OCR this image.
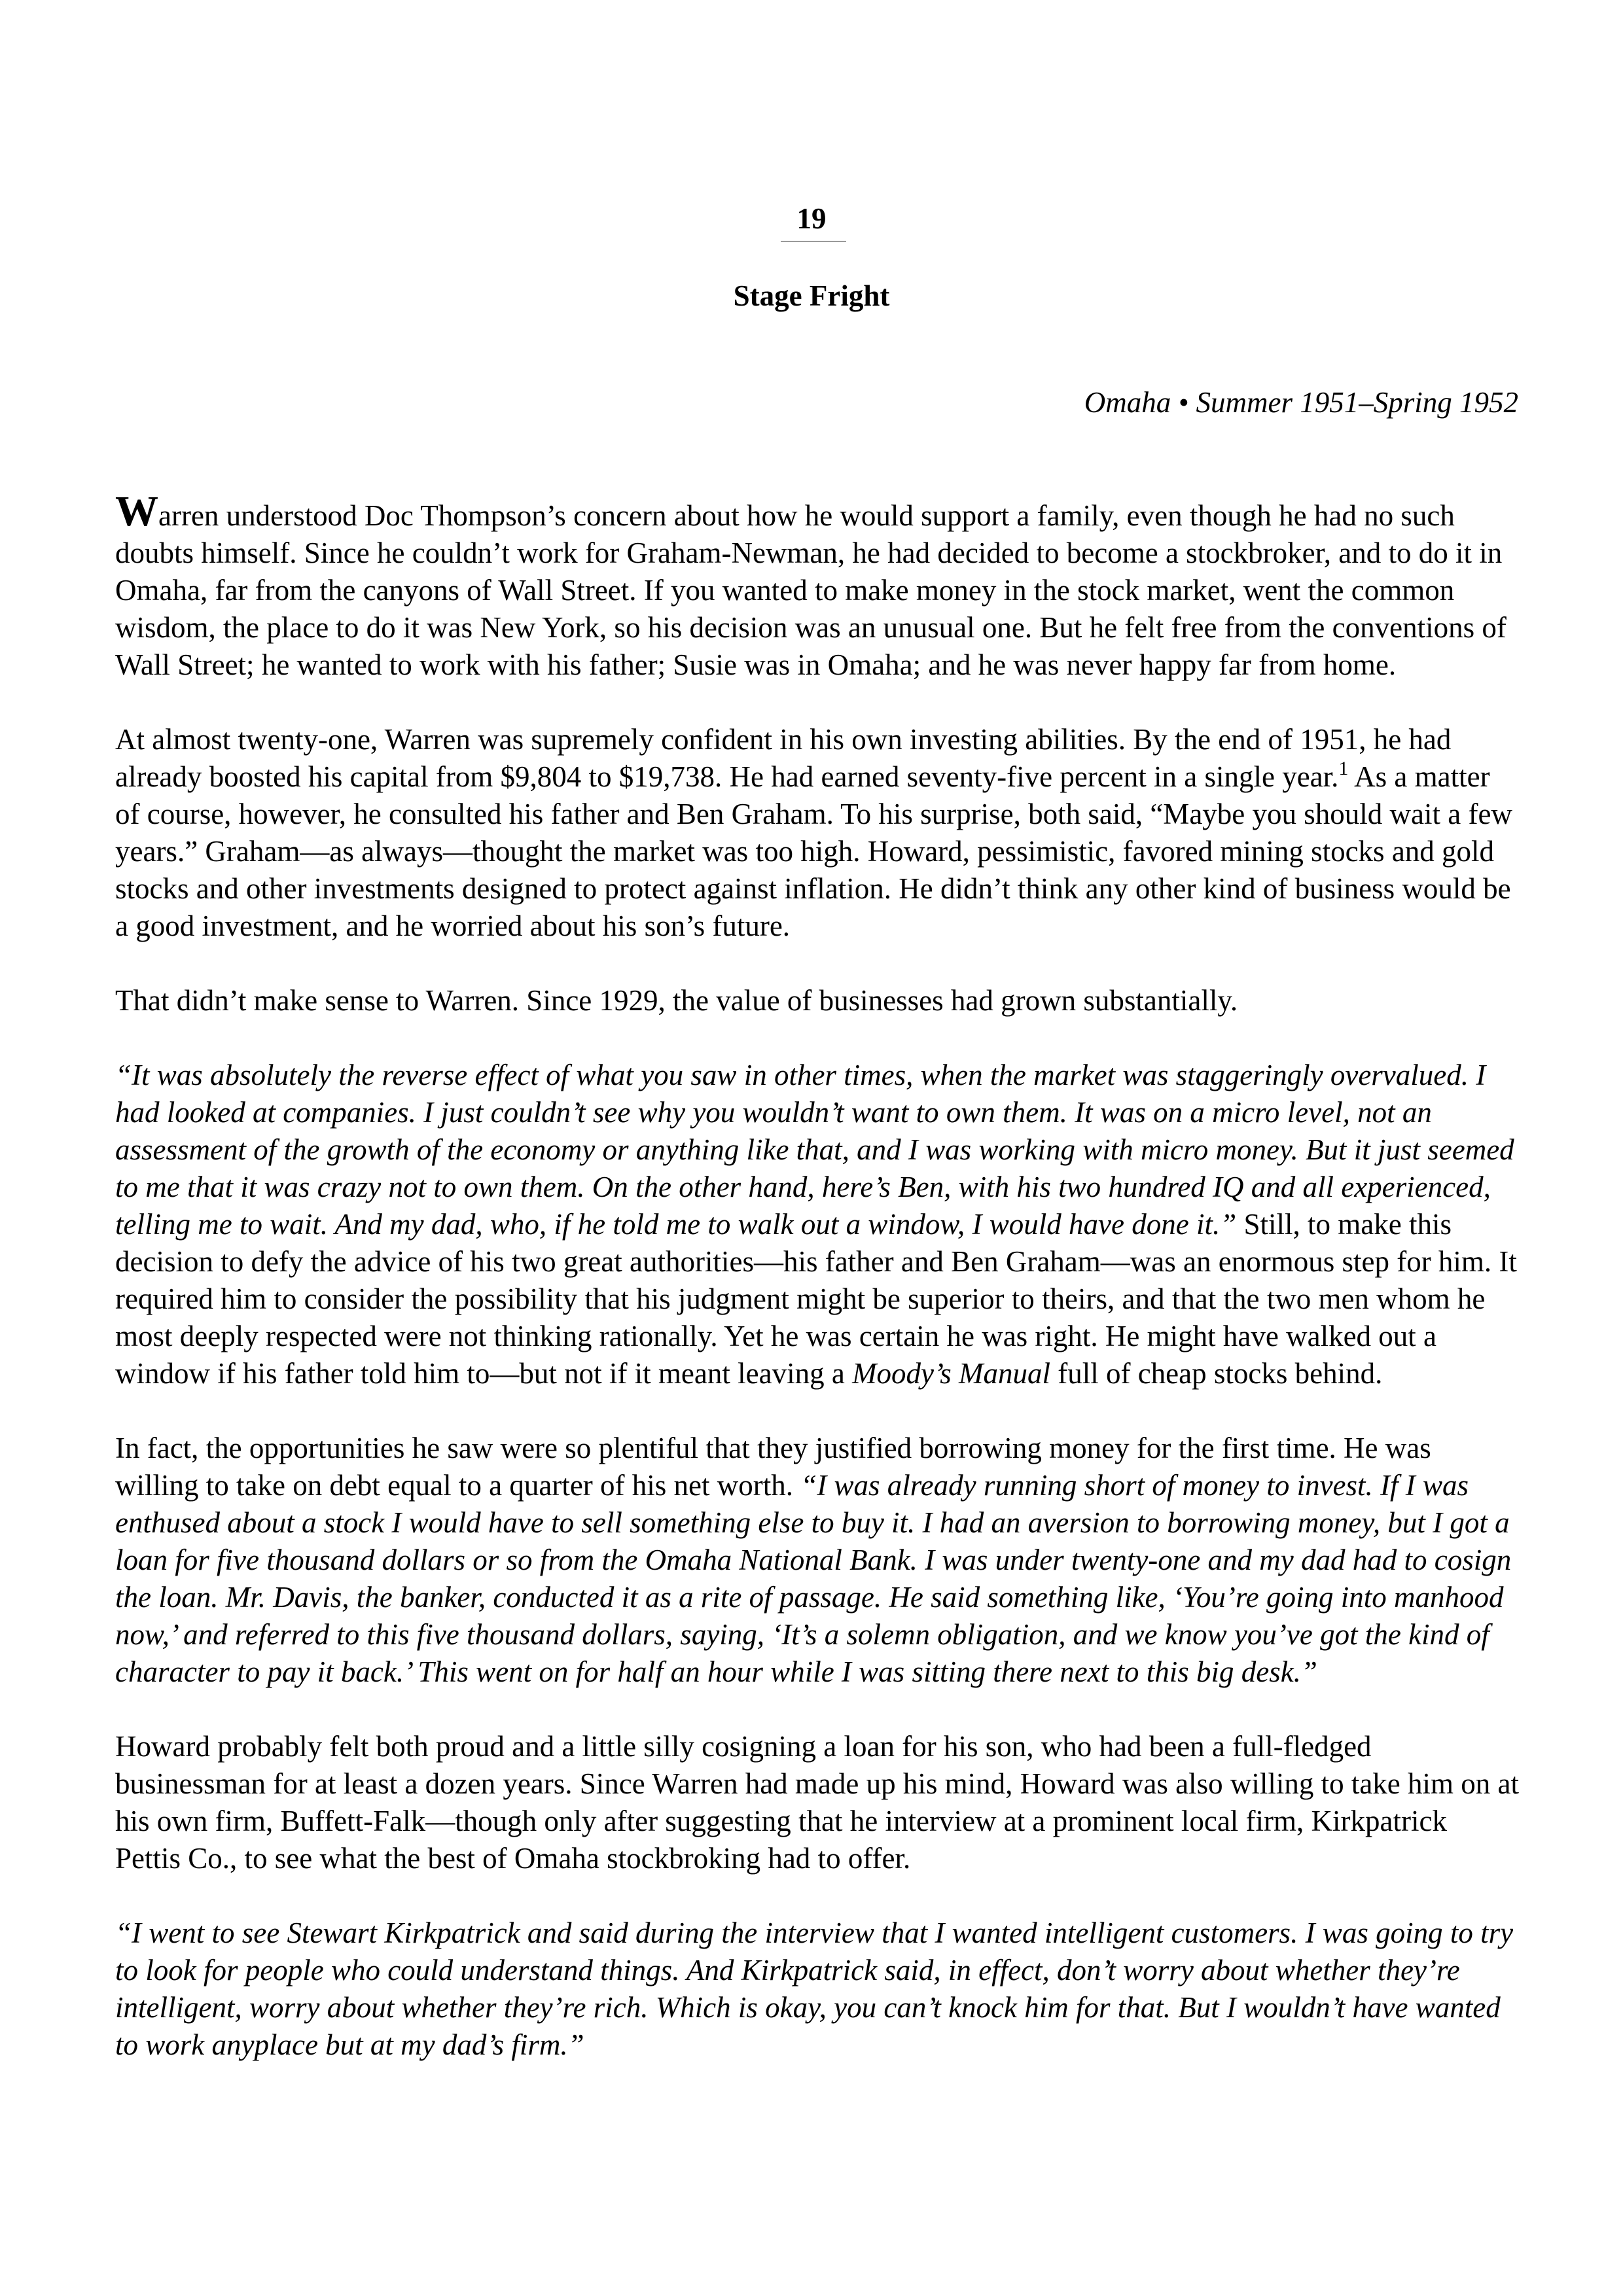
19
Stage Fright
Omaha • Summer 1951–Spring 1952

Warren understood Doc Thompson’s concern about how he would support a family, even though he had no such doubts himself. Since he couldn’t work for Graham-Newman, he had decided to become a stockbroker, and to do it in Omaha, far from the canyons of Wall Street. If you wanted to make money in the stock market, went the common wisdom, the place to do it was New York, so his decision was an unusual one. But he felt free from the conventions of Wall Street; he wanted to work with his father; Susie was in Omaha; and he was never happy far from home.

At almost twenty-one, Warren was supremely confident in his own investing abilities. By the end of 1951, he had already boosted his capital from $9,804 to $19,738. He had earned seventy-five percent in a single year.$^1$ As a matter of course, however, he consulted his father and Ben Graham. To his surprise, both said, “Maybe you should wait a few years.” Graham—as always—thought the market was too high. Howard, pessimistic, favored mining stocks and gold stocks and other investments designed to protect against inflation. He didn’t think any other kind of business would be a good investment, and he worried about his son’s future.

That didn’t make sense to Warren. Since 1929, the value of businesses had grown substantially.

“It was absolutely the reverse effect of what you saw in other times, when the market was staggeringly overvalued. I had looked at companies. I just couldn’t see why you wouldn’t want to own them. It was on a micro level, not an assessment of the growth of the economy or anything like that, and I was working with micro money. But it just seemed to me that it was crazy not to own them. On the other hand, here’s Ben, with his two hundred IQ and all experienced, telling me to wait. And my dad, who, if he told me to walk out a window, I would have done it.” Still, to make this decision to defy the advice of his two great authorities—his father and Ben Graham—was an enormous step for him. It required him to consider the possibility that his judgment might be superior to theirs, and that the two men whom he most deeply respected were not thinking rationally. Yet he was certain he was right. He might have walked out a window if his father told him to—but not if it meant leaving a Moody’s Manual full of cheap stocks behind.

In fact, the opportunities he saw were so plentiful that they justified borrowing money for the first time. He was willing to take on debt equal to a quarter of his net worth. “I was already running short of money to invest. If I was enthused about a stock I would have to sell something else to buy it. I had an aversion to borrowing money, but I got a loan for five thousand dollars or so from the Omaha National Bank. I was under twenty-one and my dad had to cosign the loan. Mr. Davis, the banker, conducted it as a rite of passage. He said something like, ‘You’re going into manhood now,’ and referred to this five thousand dollars, saying, ‘It’s a solemn obligation, and we know you’ve got the kind of character to pay it back.’ This went on for half an hour while I was sitting there next to this big desk.”

Howard probably felt both proud and a little silly cosigning a loan for his son, who had been a full-fledged businessman for at least a dozen years. Since Warren had made up his mind, Howard was also willing to take him on at his own firm, Buffett-Falk—though only after suggesting that he interview at a prominent local firm, Kirkpatrick Pettis Co., to see what the best of Omaha stockbroking had to offer.

“I went to see Stewart Kirkpatrick and said during the interview that I wanted intelligent customers. I was going to try to look for people who could understand things. And Kirkpatrick said, in effect, don’t worry about whether they’re intelligent, worry about whether they’re rich. Which is okay, you can’t knock him for that. But I wouldn’t have wanted to work anyplace but at my dad’s firm.”
